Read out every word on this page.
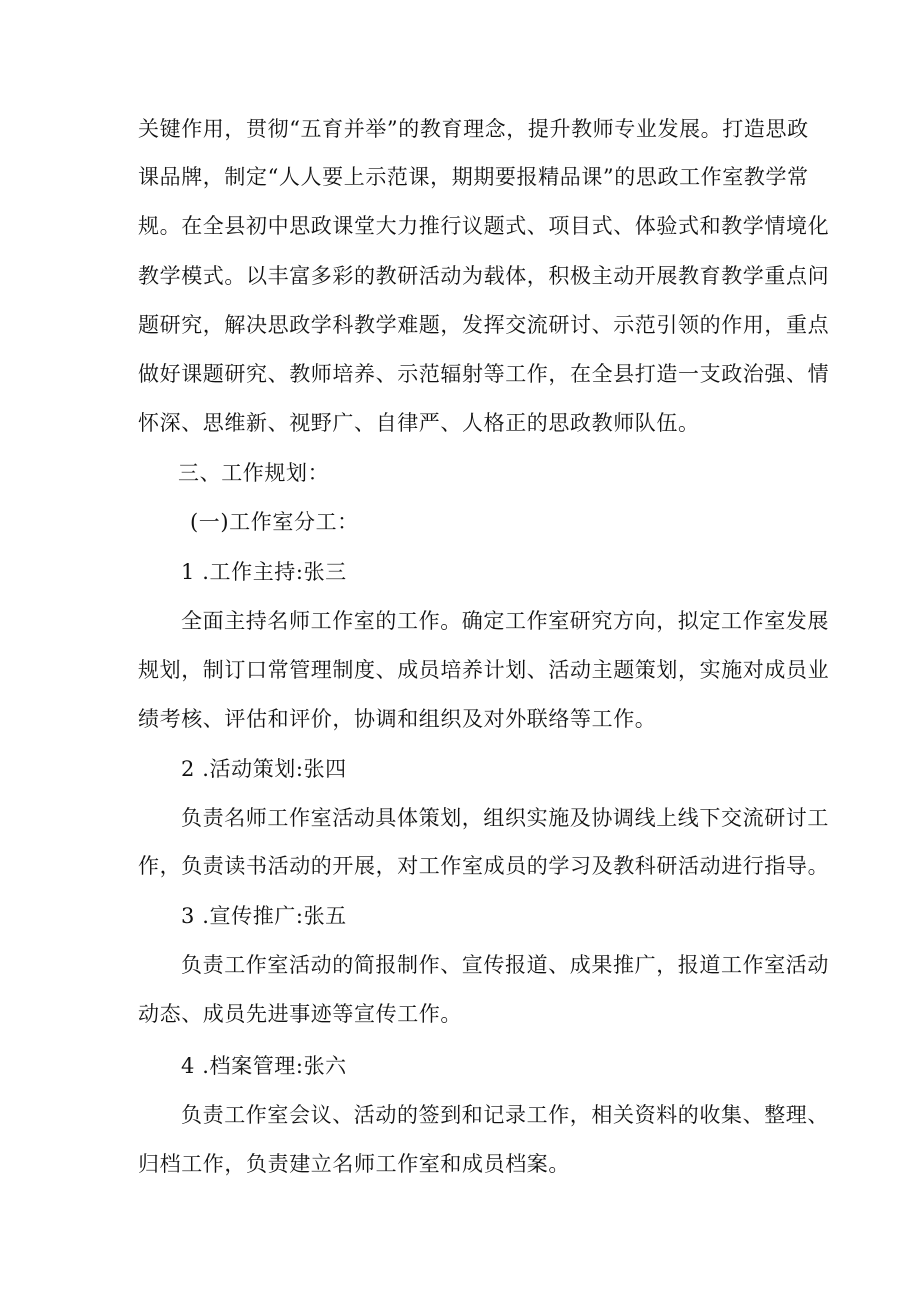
关键作用，贯彻“五育并举”的教育理念，提升教师专业发展。打造思政
课品牌，制定“人人要上示范课，期期要报精品课”的思政工作室教学常
规。在全县初中思政课堂大力推行议题式、项目式、体验式和教学情境化
教学模式。以丰富多彩的教研活动为载体，积极主动开展教育教学重点问
题研究，解决思政学科教学难题，发挥交流研讨、示范引领的作用，重点
做好课题研究、教师培养、示范辐射等工作，在全县打造一支政治强、情
怀深、思维新、视野广、自律严、人格正的思政教师队伍。
三、工作规划：
(一)工作室分工：
1 .工作主持:张三
全面主持名师工作室的工作。确定工作室研究方向，拟定工作室发展
规划，制订口常管理制度、成员培养计划、活动主题策划，实施对成员业
绩考核、评估和评价，协调和组织及对外联络等工作。
2 .活动策划:张四
负责名师工作室活动具体策划，组织实施及协调线上线下交流研讨工
作，负责读书活动的开展，对工作室成员的学习及教科研活动进行指导。
3 .宣传推广:张五
负责工作室活动的简报制作、宣传报道、成果推广，报道工作室活动
动态、成员先进事迹等宣传工作。
4 .档案管理:张六
负责工作室会议、活动的签到和记录工作，相关资料的收集、整理、
归档工作，负责建立名师工作室和成员档案。
